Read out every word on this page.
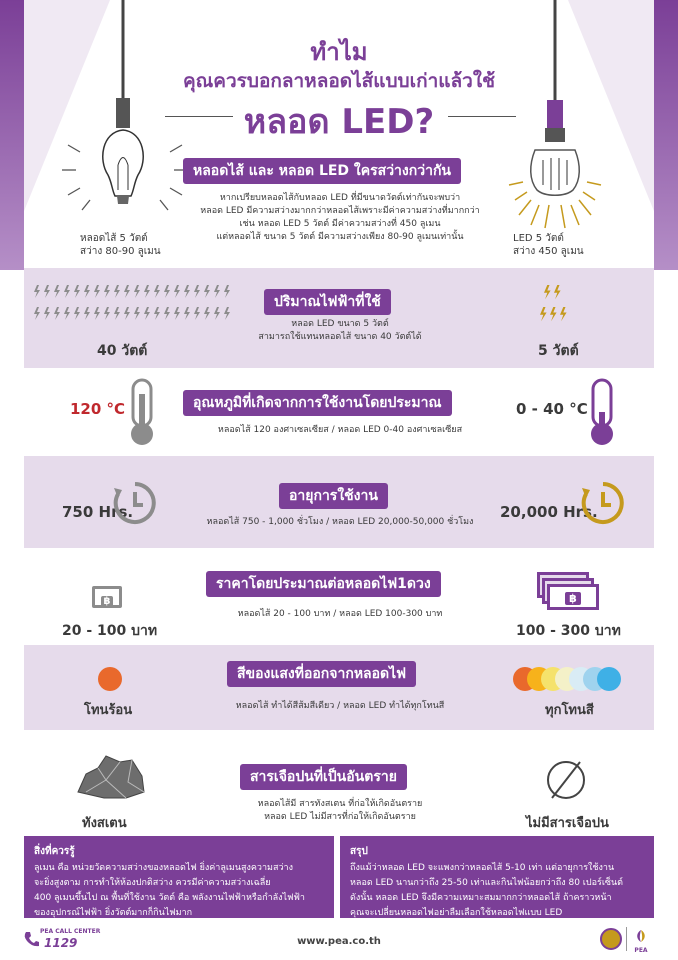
ทำไม
คุณควรบอกลาหลอดไส้แบบเก่าแล้วใช้
หลอด LED?
หลอดไส้ และ หลอด LED ใครสว่างกว่ากัน
หากเปรียบหลอดไส้กับหลอด LED ที่มีขนาดวัตต์เท่ากันจะพบว่า
หลอด LED มีความสว่างมากกว่าหลอดไส้เพราะมีค่าความสว่างที่มากกว่า
เช่น หลอด LED 5 วัตต์ มีค่าความสว่างที่ 450 ลูเมน
แต่หลอดไส้ ขนาด 5 วัตต์ มีความสว่างเพียง 80-90 ลูเมนเท่านั้น
หลอดไส้ 5 วัตต์
สว่าง 80-90 ลูเมน
LED 5 วัตต์
สว่าง 450 ลูเมน
ปริมาณไฟฟ้าที่ใช้
หลอด LED ขนาด 5 วัตต์
สามารถใช้แทนหลอดไส้ ขนาด 40 วัตต์ได้
40 วัตต์	5 วัตต์
120 °C	อุณหภูมิที่เกิดจากการใช้งานโดยประมาณ
หลอดไส้ 120 องศาเซลเซียส / หลอด LED 0-40 องศาเซลเซียส
0 - 40 °C
750 Hrs.
อายุการใช้งาน
หลอดไส้ 750 - 1,000 ชั่วโมง / หลอด LED 20,000-50,000 ชั่วโมง
20,000 Hrs.
฿
ราคาโดยประมาณต่อหลอดไฟ1ดวง
หลอดไส้ 20 - 100 บาท / หลอด LED 100-300 บาท
20 - 100 บาท
฿
100 - 300 บาท
โทนร้อน
สีของแสงที่ออกจากหลอดไฟ
หลอดไส้ ทำได้สีส้มสีเดียว / หลอด LED ทำได้ทุกโทนสี	ทุกโทนสี
ทังสเตน
สารเจือปนที่เป็นอันตราย
หลอดไส้มี สารทังสเตน ที่ก่อให้เกิดอันตราย
หลอด LED ไม่มีสารที่ก่อให้เกิดอันตราย	ไม่มีสารเจือปน
สิ่งที่ควรรู้
ลูเมน คือ หน่วยวัดความสว่างของหลอดไฟ ยิ่งค่าลูเมนสูงความสว่าง
จะยิ่งสูงตาม การทำให้ห้องปกติสว่าง ควรมีค่าความสว่างเฉลี่ย
400 ลูเมนขึ้นไป ณ พื้นที่ใช้งาน วัตต์ คือ พลังงานไฟฟ้าหรือกำลังไฟฟ้า
ของอุปกรณ์ไฟฟ้า ยิ่งวัตต์มากก็กินไฟมาก
สรุป
ถึงแม้ว่าหลอด LED จะแพงกว่าหลอดไส้ 5-10 เท่า แต่อายุการใช้งาน
หลอด LED นานกว่าถึง 25-50 เท่าและกินไฟน้อยกว่าถึง 80 เปอร์เซ็นต์
ดังนั้น หลอด LED จึงมีความเหมาะสมมากกว่าหลอดไส้ ถ้าคราวหน้า
คุณจะเปลี่ยนหลอดไฟอย่าลืมเลือกใช้หลอดไฟแบบ LED
PEA CALL CENTER
1129	www.pea.co.th
PEA
